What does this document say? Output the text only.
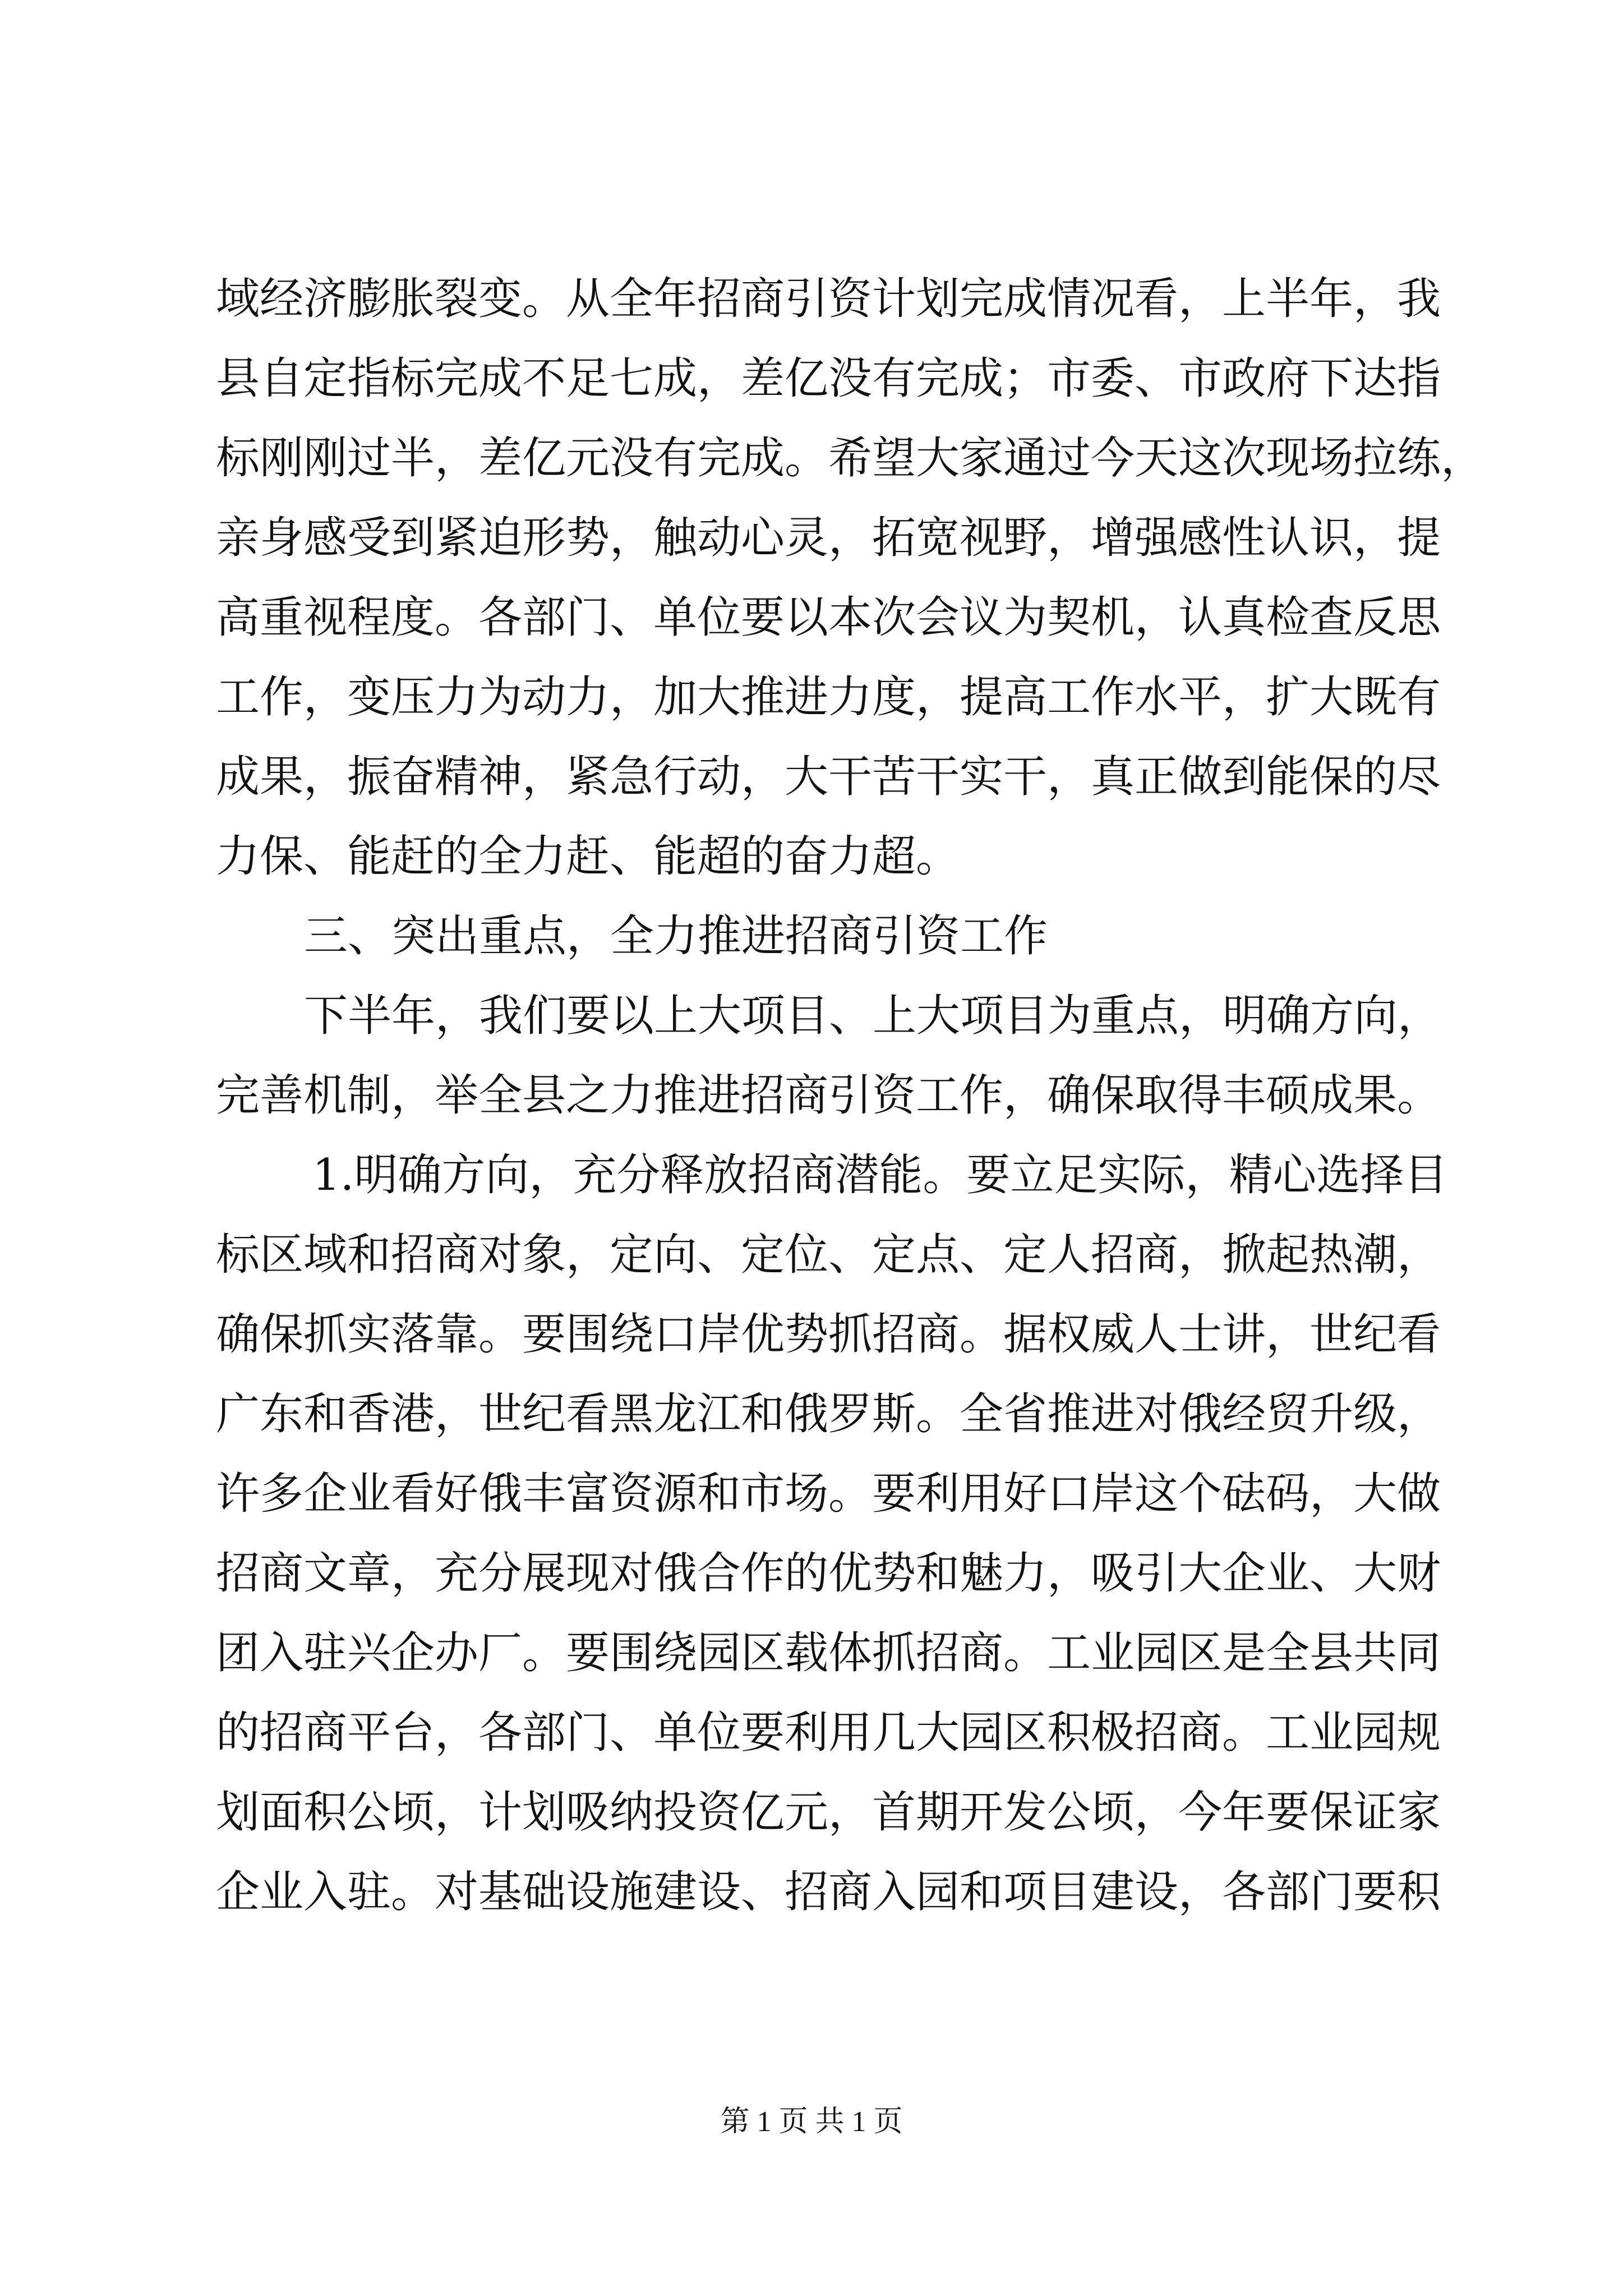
域经济膨胀裂变。从全年招商引资计划完成情况看，上半年，我
县自定指标完成不足七成，差亿没有完成；市委、市政府下达指
标刚刚过半，差亿元没有完成。希望大家通过今天这次现场拉练，
亲身感受到紧迫形势，触动心灵，拓宽视野，增强感性认识，提
高重视程度。各部门、单位要以本次会议为契机，认真检查反思
工作，变压力为动力，加大推进力度，提高工作水平，扩大既有
成果，振奋精神，紧急行动，大干苦干实干，真正做到能保的尽
力保、能赶的全力赶、能超的奋力超。
三、突出重点，全力推进招商引资工作
下半年，我们要以上大项目、上大项目为重点，明确方向，
完善机制，举全县之力推进招商引资工作，确保取得丰硕成果。
1.明确方向，充分释放招商潜能。要立足实际，精心选择目
标区域和招商对象，定向、定位、定点、定人招商，掀起热潮，
确保抓实落靠。要围绕口岸优势抓招商。据权威人士讲，世纪看
广东和香港，世纪看黑龙江和俄罗斯。全省推进对俄经贸升级，
许多企业看好俄丰富资源和市场。要利用好口岸这个砝码，大做
招商文章，充分展现对俄合作的优势和魅力，吸引大企业、大财
团入驻兴企办厂。要围绕园区载体抓招商。工业园区是全县共同
的招商平台，各部门、单位要利用几大园区积极招商。工业园规
划面积公顷，计划吸纳投资亿元，首期开发公顷，今年要保证家
企业入驻。对基础设施建设、招商入园和项目建设，各部门要积
第 1 页 共 1 页
